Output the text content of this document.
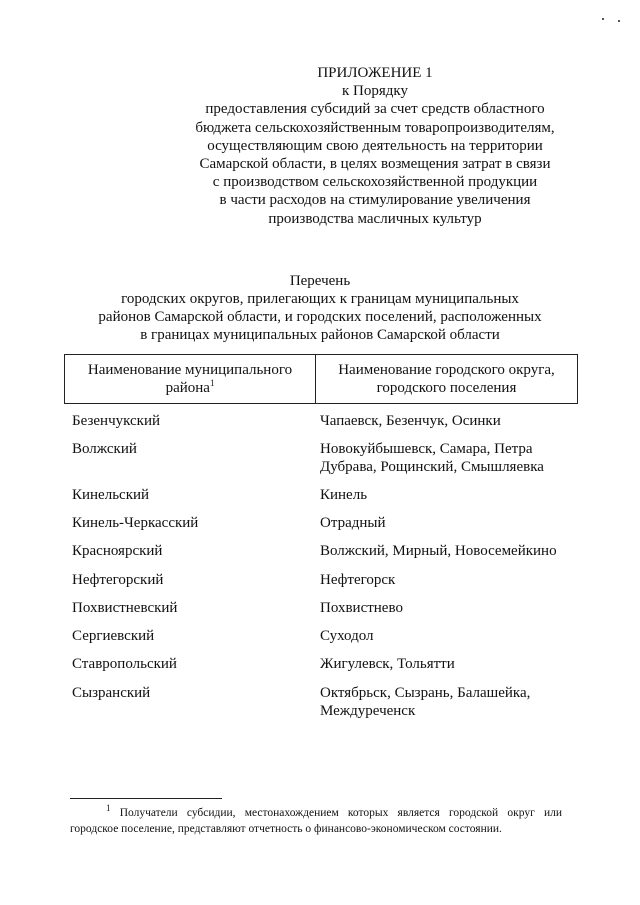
ПРИЛОЖЕНИЕ 1
к Порядку
предоставления субсидий за счет средств областного
бюджета сельскохозяйственным товаропроизводителям,
осуществляющим свою деятельность на территории
Самарской области, в целях возмещения затрат в связи
с производством сельскохозяйственной продукции
в части расходов на стимулирование увеличения
производства масличных культур
Перечень
городских округов, прилегающих к границам муниципальных
районов Самарской области, и городских поселений, расположенных
в границах муниципальных районов Самарской области
Наименование муниципального
района$^1$	Наименование городского округа,
городского поселения
Безенчукский	Чапаевск, Безенчук, Осинки
Волжский	Новокуйбышевск, Самара, Петра
Дубрава, Рощинский, Смышляевка
Кинельский	Кинель
Кинель-Черкасский	Отрадный
Красноярский	Волжский, Мирный, Новосемейкино
Нефтегорский	Нефтегорск
Похвистневский	Похвистнево
Сергиевский	Суходол
Ставропольский	Жигулевск, Тольятти
Сызранский	Октябрьск, Сызрань, Балашейка,
Междуреченск
$^1$ Получатели субсидии, местонахождением которых является городской округ или городское поселение, представляют отчетность о финансово-экономическом состоянии.
